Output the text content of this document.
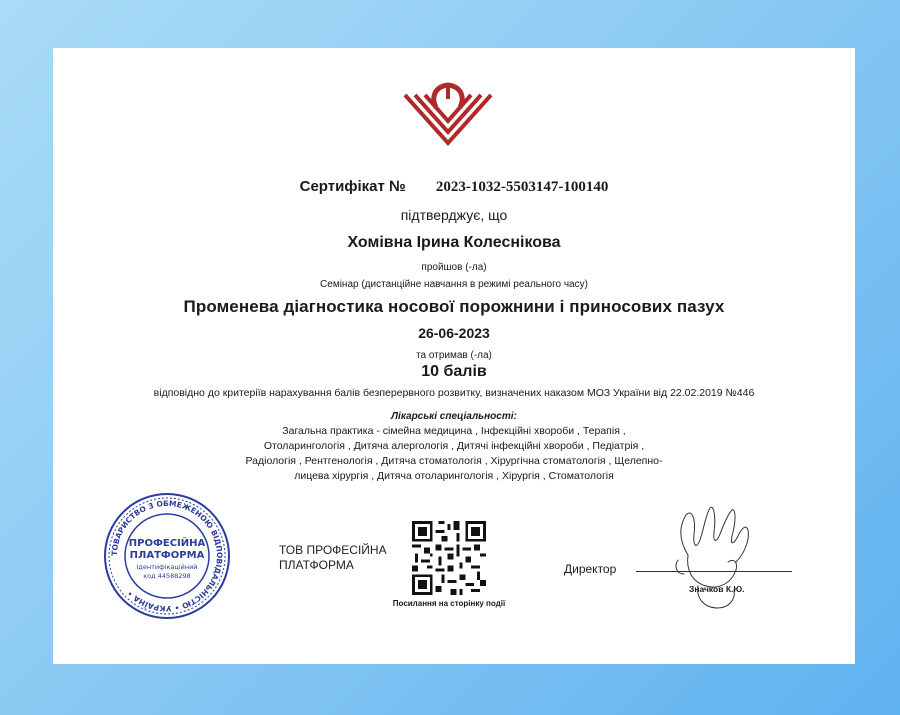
Сертифікат № 2023-1032-5503147-100140
підтверджує, що
Хомівна Ірина Колеснікова
пройшов (-ла)
Семінар (дистанційне навчання в режимі реального часу)
Променева діагностика носової порожнини і приносових пазух
26-06-2023
та отримав (-ла)
10 балів
відповідно до критеріїв нарахування балів безперервного розвитку, визначених наказом МОЗ України від 22.02.2019 №446
Лікарські спеціальності:
Загальна практика - сімейна медицина , Інфекційні хвороби , Терапія ,
Отоларингологія , Дитяча алергологія , Дитячі інфекційні хвороби , Педіатрія ,
Радіологія , Рентгенологія , Дитяча стоматологія , Хірургічна стоматологія , Щелепно-
лицева хірургія , Дитяча отоларингологія , Хірургія , Стоматологія
ТОВАРИСТВО З ОБМЕЖЕНОЮ ВІДПОВІДАЛЬНІСТЮ • УКРАЇНА •
ПРОФЕСІЙНА
ПЛАТФОРМА
Ідентифікаційний
код 44588298
ТОВ ПРОФЕСІЙНА
ПЛАТФОРМА
Посилання на сторінку події
Директор
Значков К.Ю.
